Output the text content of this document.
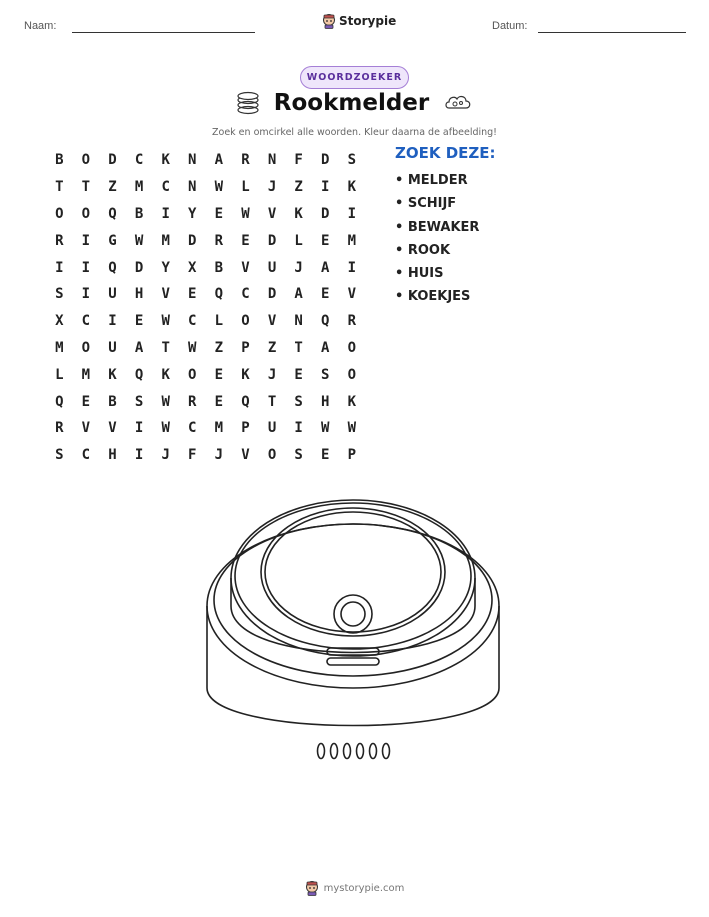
Naam:	Storypie	Datum:
WOORDZOEKER
Rookmelder
Zoek en omcirkel alle woorden. Kleur daarna de afbeelding!
B	O	D	C	K	N	A	R	N	F	D	S
T	T	Z	M	C	N	W	L	J	Z	I	K
O	O	Q	B	I	Y	E	W	V	K	D	I
R	I	G	W	M	D	R	E	D	L	E	M
I	I	Q	D	Y	X	B	V	U	J	A	I
S	I	U	H	V	E	Q	C	D	A	E	V
X	C	I	E	W	C	L	O	V	N	Q	R
M	O	U	A	T	W	Z	P	Z	T	A	O
L	M	K	Q	K	O	E	K	J	E	S	O
Q	E	B	S	W	R	E	Q	T	S	H	K
R	V	V	I	W	C	M	P	U	I	W	W
S	C	H	I	J	F	J	V	O	S	E	P
ZOEK DEZE:
• MELDER
• SCHIJF
• BEWAKER
• ROOK
• HUIS
• KOEKJES
mystorypie.com
